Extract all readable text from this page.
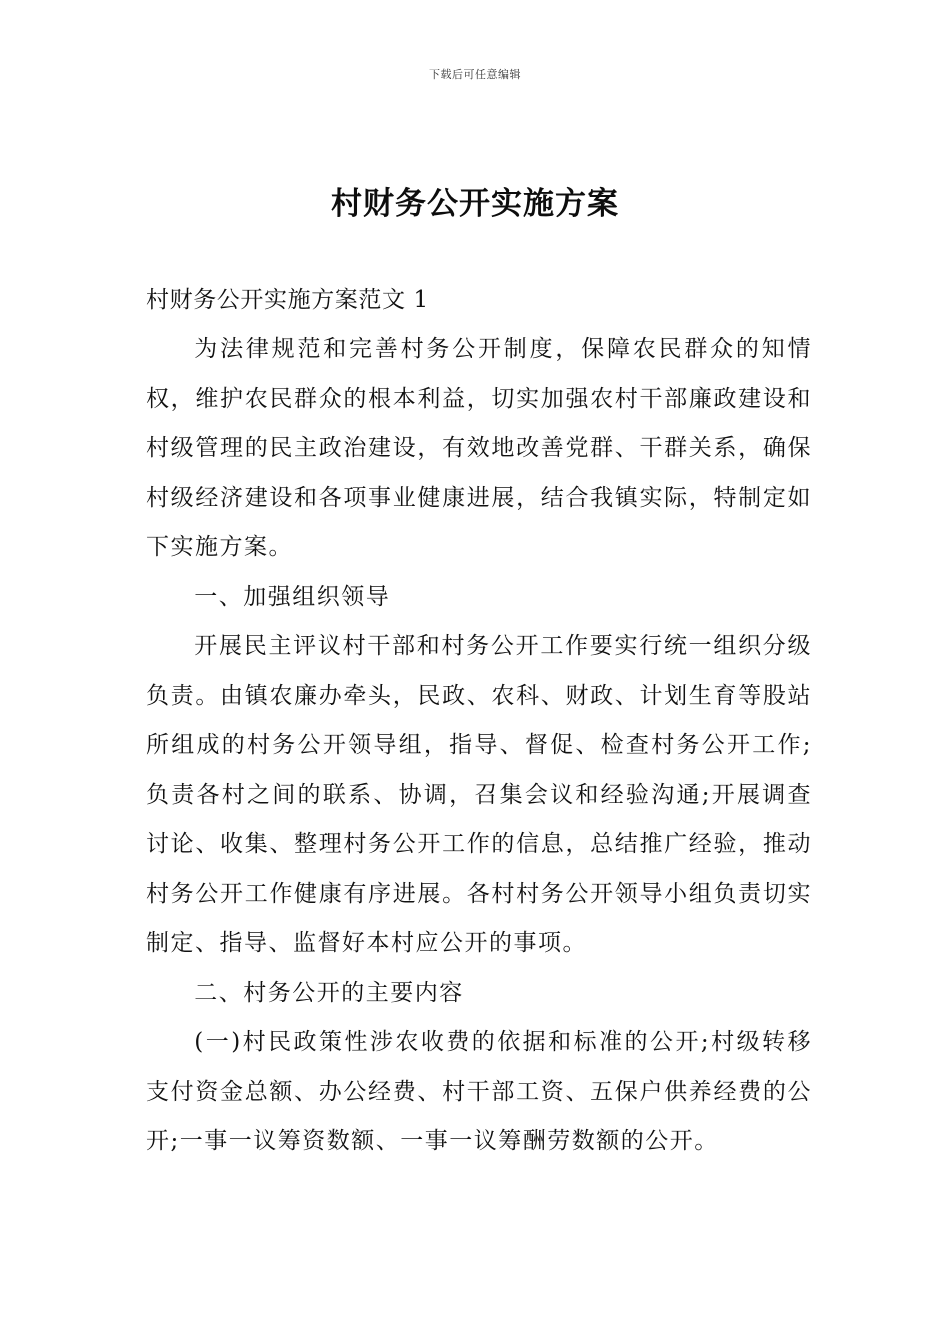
下载后可任意编辑
村财务公开实施方案

村财务公开实施方案范文 1

为法律规范和完善村务公开制度，保障农民群众的知情权，维护农民群众的根本利益，切实加强农村干部廉政建设和村级管理的民主政治建设，有效地改善党群、干群关系，确保村级经济建设和各项事业健康进展，结合我镇实际，特制定如下实施方案。

一、加强组织领导

开展民主评议村干部和村务公开工作要实行统一组织分级负责。由镇农廉办牵头，民政、农科、财政、计划生育等股站所组成的村务公开领导组，指导、督促、检查村务公开工作;负责各村之间的联系、协调，召集会议和经验沟通;开展调查讨论、收集、整理村务公开工作的信息，总结推广经验，推动村务公开工作健康有序进展。各村村务公开领导小组负责切实制定、指导、监督好本村应公开的事项。

二、村务公开的主要内容

(一)村民政策性涉农收费的依据和标准的公开;村级转移支付资金总额、办公经费、村干部工资、五保户供养经费的公开;一事一议筹资数额、一事一议筹酬劳数额的公开。
